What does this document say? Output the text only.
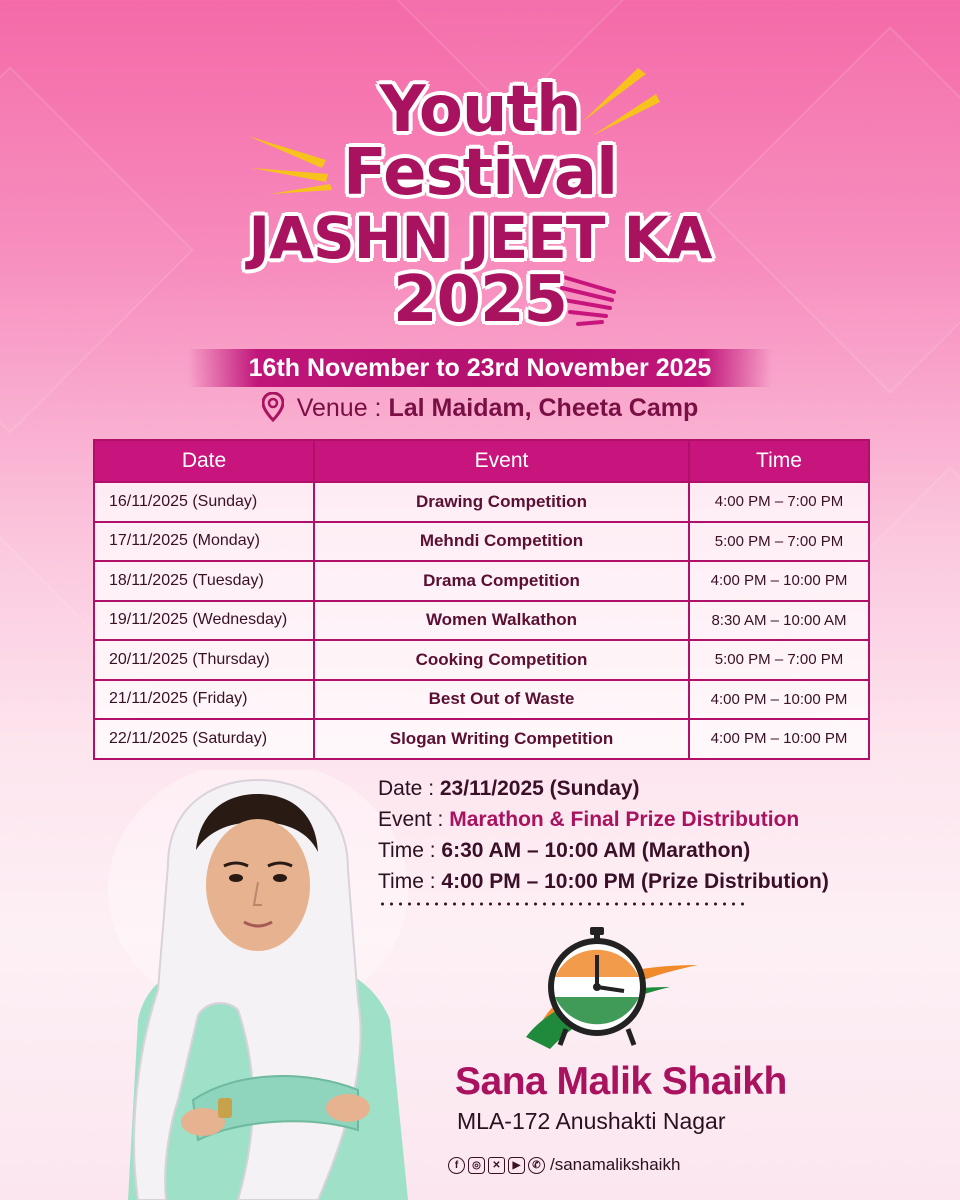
Youth
Festival
JASHN JEET KA
2025
16th November to 23rd November 2025
Venue : Lal Maidam, Cheeta Camp
Date	Event	Time
16/11/2025 (Sunday)	Drawing Competition	4:00 PM – 7:00 PM
17/11/2025 (Monday)	Mehndi Competition	5:00 PM – 7:00 PM
18/11/2025 (Tuesday)	Drama Competition	4:00 PM – 10:00 PM
19/11/2025 (Wednesday)	Women Walkathon	8:30 AM – 10:00 AM
20/11/2025 (Thursday)	Cooking Competition	5:00 PM – 7:00 PM
21/11/2025 (Friday)	Best Out of Waste	4:00 PM – 10:00 PM
22/11/2025 (Saturday)	Slogan Writing Competition	4:00 PM – 10:00 PM
Date : 23/11/2025 (Sunday)
Event : Marathon & Final Prize Distribution
Time : 6:30 AM – 10:00 AM (Marathon)
Time : 4:00 PM – 10:00 PM (Prize Distribution)
Sana Malik Shaikh
MLA-172 Anushakti Nagar
f	◎	✕	▶	✆ /sanamalikshaikh
